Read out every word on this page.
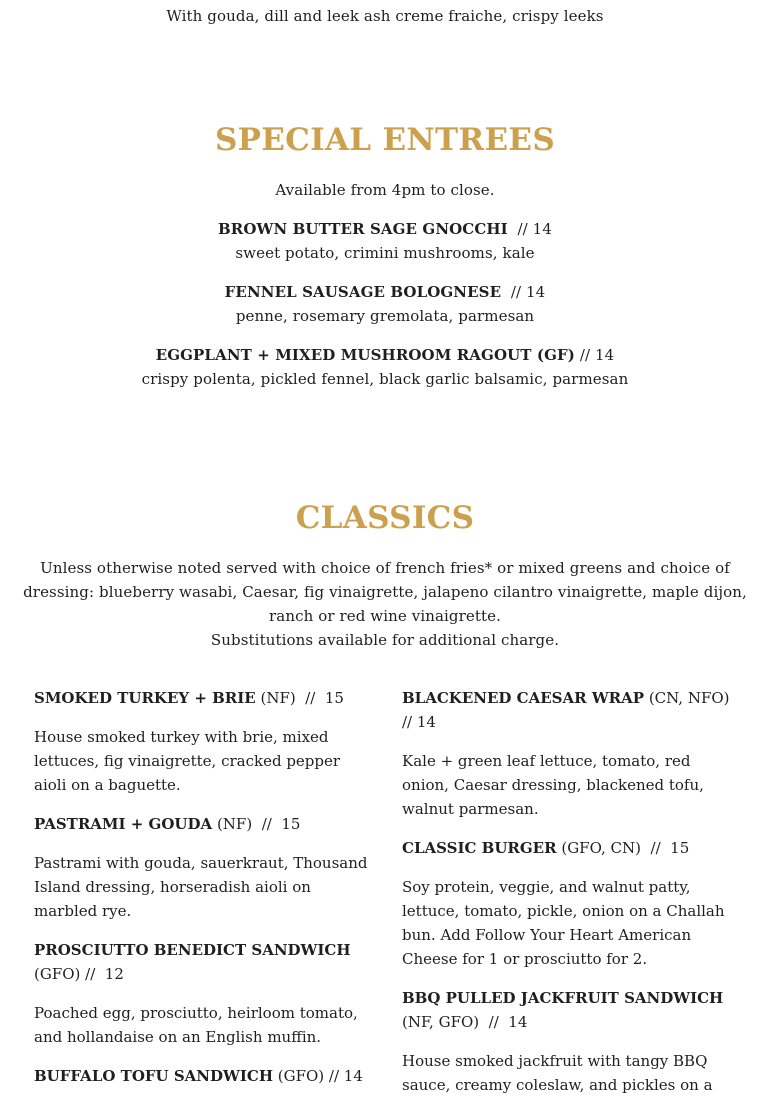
With gouda, dill and leek ash creme fraiche, crispy leeks
SPECIAL ENTREES
Available from 4pm to close.
BROWN BUTTER SAGE GNOCCHI  // 14
sweet potato, crimini mushrooms, kale
FENNEL SAUSAGE BOLOGNESE  // 14
penne, rosemary gremolata, parmesan
EGGPLANT + MIXED MUSHROOM RAGOUT (GF) // 14
crispy polenta, pickled fennel, black garlic balsamic, parmesan
CLASSICS
Unless otherwise noted served with choice of french fries* or mixed greens and choice of
dressing: blueberry wasabi, Caesar, fig vinaigrette, jalapeno cilantro vinaigrette, maple dijon,
ranch or red wine vinaigrette.
Substitutions available for additional charge.
SMOKED TURKEY + BRIE (NF)  //  15
House smoked turkey with brie, mixed lettuces, fig vinaigrette, cracked pepper aioli on a baguette.
PASTRAMI + GOUDA (NF)  //  15
Pastrami with gouda, sauerkraut, Thousand Island dressing, horseradish aioli on marbled rye.
PROSCIUTTO BENEDICT SANDWICH (GFO) //  12
Poached egg, prosciutto, heirloom tomato, and hollandaise on an English muffin.
BUFFALO TOFU SANDWICH (GFO) // 14
BLACKENED CAESAR WRAP (CN, NFO)  // 14
Kale + green leaf lettuce, tomato, red onion, Caesar dressing, blackened tofu, walnut parmesan.
CLASSIC BURGER (GFO, CN)  //  15
Soy protein, veggie, and walnut patty, lettuce, tomato, pickle, onion on a Challah bun. Add Follow Your Heart American Cheese for 1 or prosciutto for 2.
BBQ PULLED JACKFRUIT SANDWICH (NF, GFO)  //  14
House smoked jackfruit with tangy BBQ sauce, creamy coleslaw, and pickles on a
